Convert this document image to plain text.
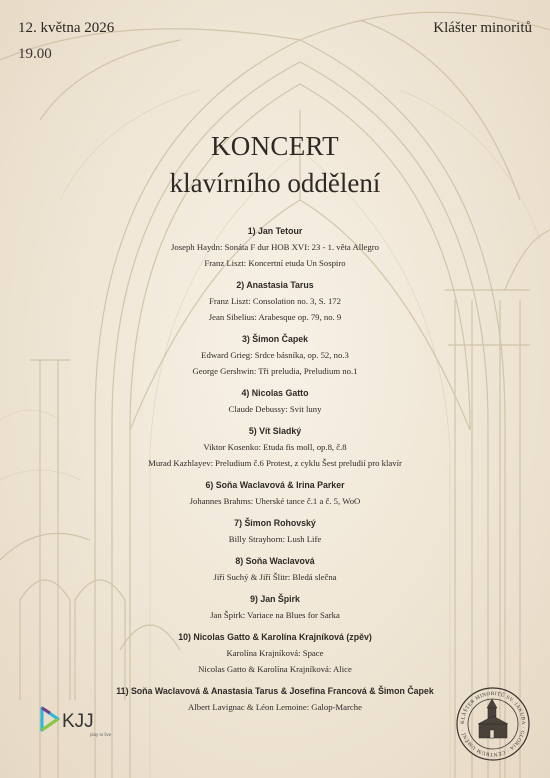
12. května 2026
19.00
Klášter minoritů
KONCERT
klavírního oddělení
1) Jan Tetour
Joseph Haydn: Sonáta F dur HOB XVI: 23 - 1. věta Allegro
Franz Liszt: Koncertní etuda Un Sospiro
2) Anastasia Tarus
Franz Liszt: Consolation no. 3, S. 172
Jean Sibelius: Arabesque op. 79, no. 9
3) Šimon Čapek
Edward Grieg: Srdce básníka, op. 52, no.3
George Gershwin: Tři preludia, Preludium no.1
4) Nicolas Gatto
Claude Debussy: Svit luny
5) Vít Sladký
Viktor Kosenko: Etuda fis moll, op.8, č.8
Murad Kazhlayev: Preludium č.6 Protest, z cyklu Šest preludií pro klavír
6) Soňa Waclavová & Irina Parker
Johannes Brahms: Uherské tance č.1 a č. 5, WoO
7) Šimon Rohovský
Billy Strayhorn: Lush Life
8) Soňa Waclavová
Jiří Suchý & Jiří Šlitr: Bledá slečna
9) Jan Špirk
Jan Špirk: Variace na Blues for Sarka
10) Nicolas Gatto & Karolína Krajníková (zpěv)
Karolína Krajníková: Space
Nicolas Gatto & Karolína Krajníková: Alice
11) Soňa Waclavová & Anastasia Tarus & Josefina Francová & Šimon Čapek
Albert Lavignac & Léon Lemoine: Galop-Marche
KJJ
play to live
KLÁŠTER MINORITŮ SV. JAKUBA · GLORIA · CENTRUM UMĚNÍ ·
